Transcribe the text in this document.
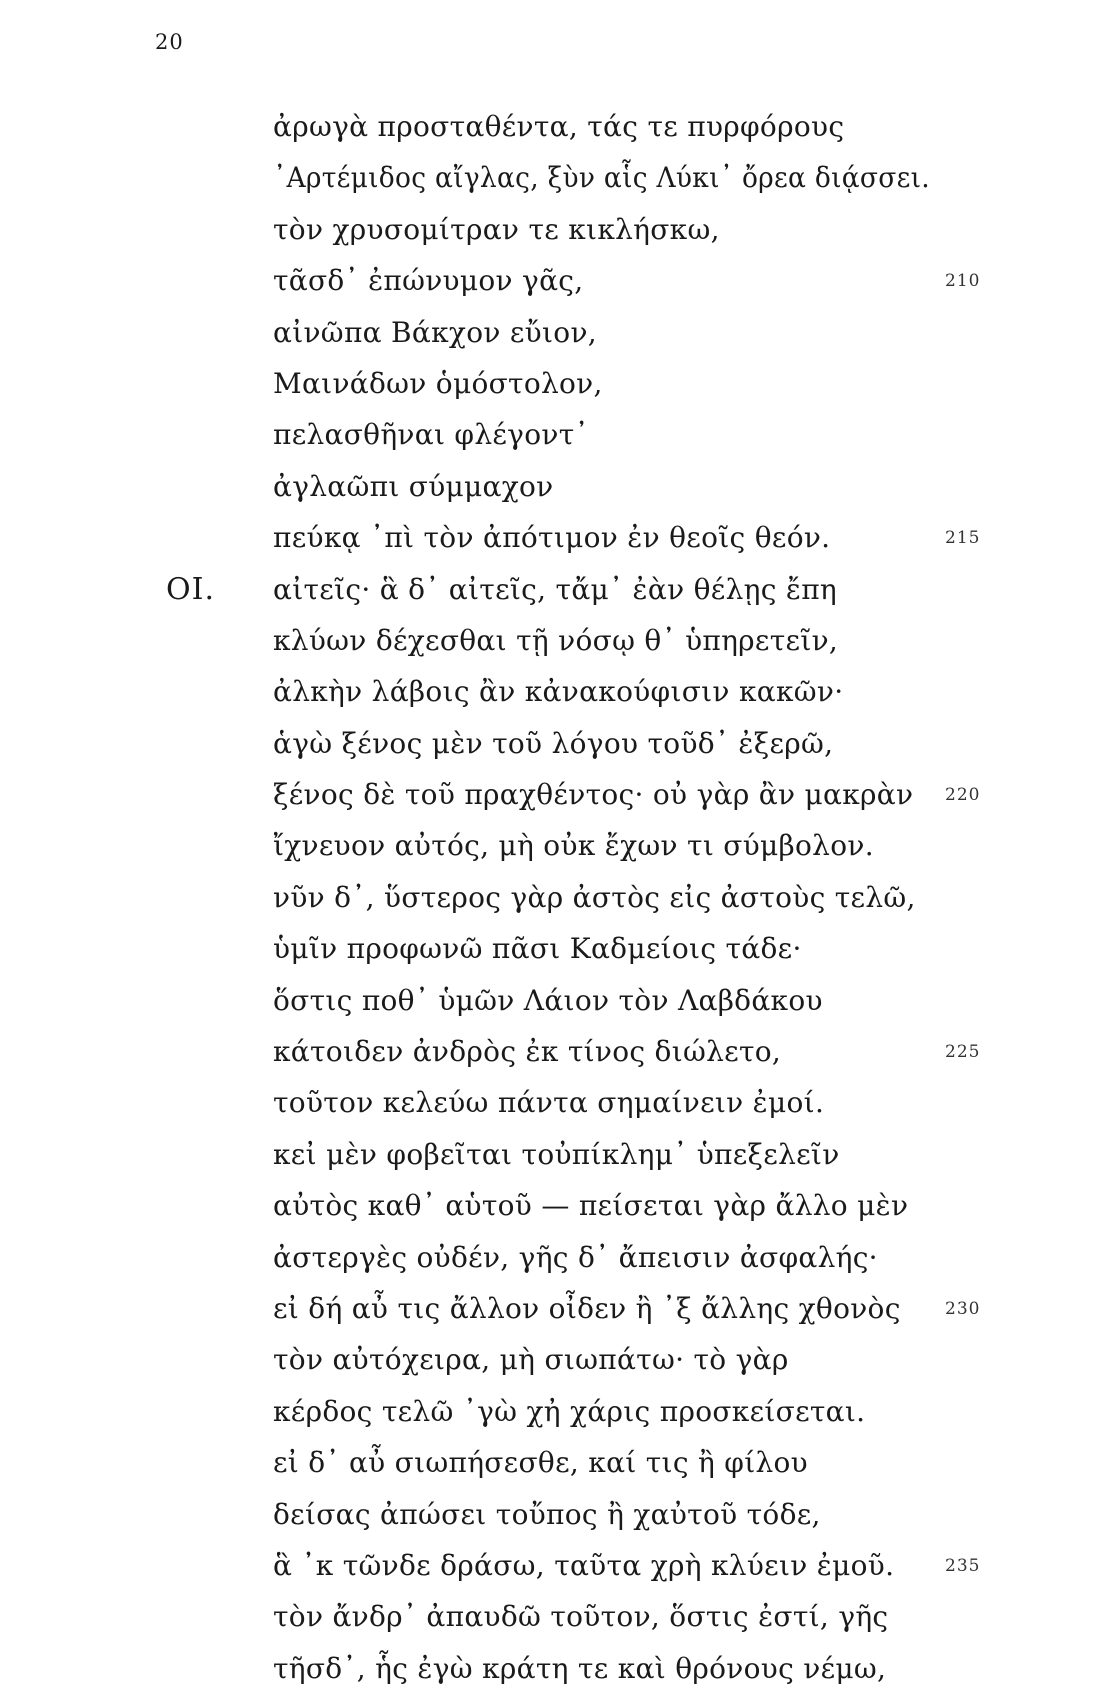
20
ἀρωγὰ προσταθέντα, τάς τε πυρφόρους
᾿Αρτέμιδος αἴγλας, ξὺν αἷς Λύκι᾿ ὄρεα διᾴσσει.
τὸν χρυσομίτραν τε κικλήσκω,
τᾶσδ᾿ ἐπώνυμον γᾶς,	210
αἰνῶπα Βάκχον εὔιον,
Μαινάδων ὁμόστολον,
πελασθῆναι φλέγοντ᾿
ἀγλαῶπι σύμμαχον
πεύκᾳ ᾿πὶ τὸν ἀπότιμον ἐν θεοῖς θεόν.	215
ΟΙ. αἰτεῖς· ἃ δ᾿ αἰτεῖς, τἄμ᾿ ἐὰν θέλῃς ἔπη
κλύων δέχεσθαι τῇ νόσῳ θ᾿ ὑπηρετεῖν,
ἀλκὴν λάβοις ἂν κἀνακούφισιν κακῶν·
ἁγὼ ξένος μὲν τοῦ λόγου τοῦδ᾿ ἐξερῶ,
ξένος δὲ τοῦ πραχθέντος· οὐ γὰρ ἂν μακρὰν 220
ἴχνευον αὐτός, μὴ οὐκ ἔχων τι σύμβολον.
νῦν δ᾿, ὕστερος γὰρ ἀστὸς εἰς ἀστοὺς τελῶ,
ὑμῖν προφωνῶ πᾶσι Καδμείοις τάδε·
ὅστις ποθ᾿ ὑμῶν Λάιον τὸν Λαβδάκου
κάτοιδεν ἀνδρὸς ἐκ τίνος διώλετο,	225
τοῦτον κελεύω πάντα σημαίνειν ἐμοί.
κεἰ μὲν φοβεῖται τοὐπίκλημ᾿ ὑπεξελεῖν
αὐτὸς καθ᾿ αὑτοῦ — πείσεται γὰρ ἄλλο μὲν
ἀστεργὲς οὐδέν, γῆς δ᾿ ἄπεισιν ἀσφαλής·
εἰ δή αὖ τις ἄλλον οἶδεν ἢ ᾿ξ ἄλλης χθονὸς	230
τὸν αὐτόχειρα, μὴ σιωπάτω· τὸ γὰρ
κέρδος τελῶ ᾿γὼ χἠ χάρις προσκείσεται.
εἰ δ᾿ αὖ σιωπήσεσθε, καί τις ἢ φίλου
δείσας ἀπώσει τοὔπος ἢ χαὐτοῦ τόδε,
ἃ ᾿κ τῶνδε δράσω, ταῦτα χρὴ κλύειν ἐμοῦ.	235
τὸν ἄνδρ᾿ ἀπαυδῶ τοῦτον, ὅστις ἐστί, γῆς
τῆσδ᾿, ἧς ἐγὼ κράτη τε καὶ θρόνους νέμω,
